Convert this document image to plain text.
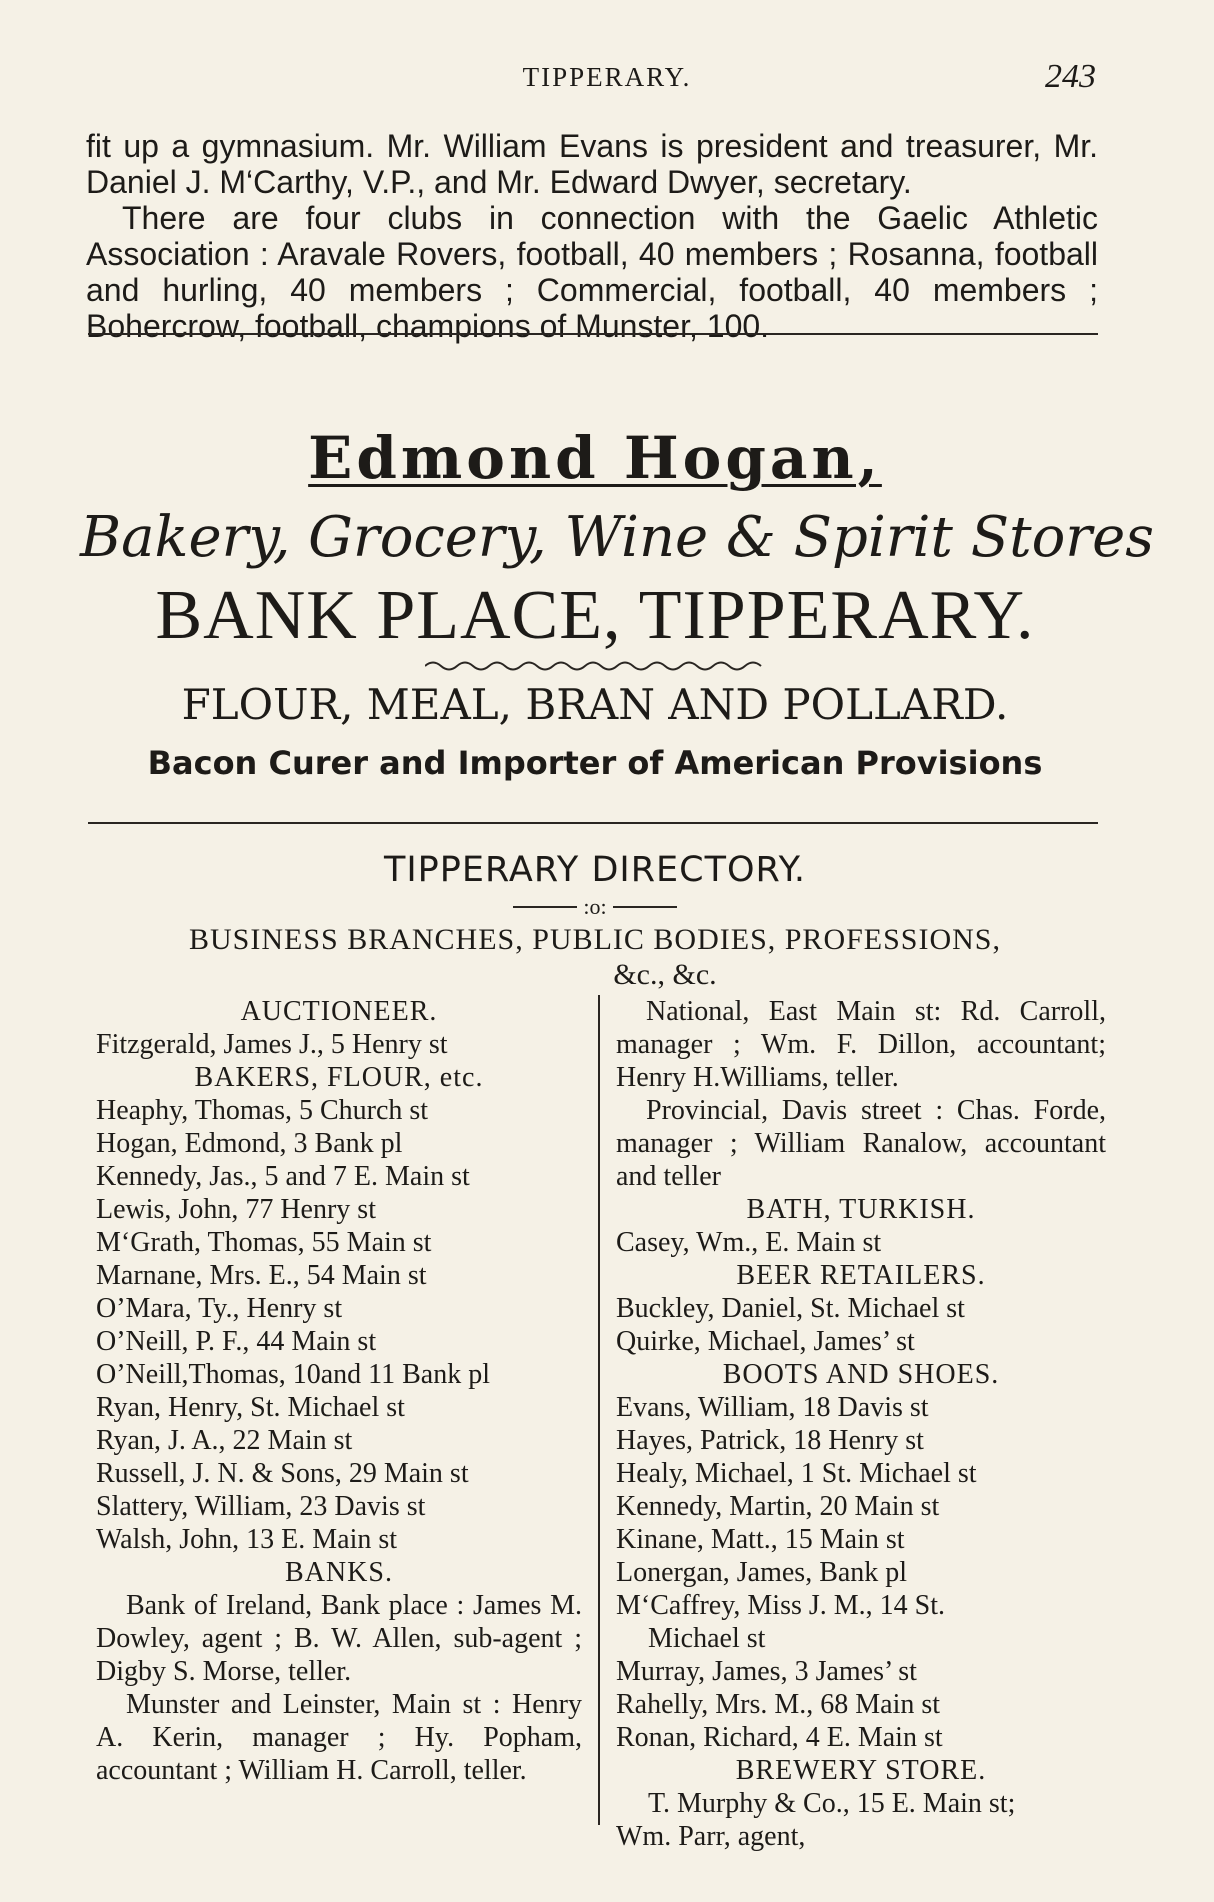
TIPPERARY.	243

fit up a gymnasium. Mr. William Evans is president and treasurer, Mr. Daniel J. M‘Carthy, V.P., and Mr. Edward Dwyer, secretary.

There are four clubs in connection with the Gaelic Athletic Association : Aravale Rovers, football, 40 members ; Rosanna, football and hurling, 40 members ; Commercial, football, 40 members ; Bohercrow, football, champions of Munster, 100.

Edmond Hogan,
Bakery, Grocery, Wine & Spirit Stores
BANK PLACE, TIPPERARY.
FLOUR, MEAL, BRAN AND POLLARD.
Bacon Curer and Importer of American Provisions
TIPPERARY DIRECTORY.
:o:
BUSINESS BRANCHES, PUBLIC BODIES, PROFESSIONS,
&c., &c.
AUCTIONEER.
Fitzgerald, James J., 5 Henry st
BAKERS, FLOUR, etc.
Heaphy, Thomas, 5 Church st
Hogan, Edmond, 3 Bank pl
Kennedy, Jas., 5 and 7 E. Main st
Lewis, John, 77 Henry st
M‘Grath, Thomas, 55 Main st
Marnane, Mrs. E., 54 Main st
O’Mara, Ty., Henry st
O’Neill, P. F., 44 Main st
O’Neill,Thomas, 10and 11 Bank pl
Ryan, Henry, St. Michael st
Ryan, J. A., 22 Main st
Russell, J. N. & Sons, 29 Main st
Slattery, William, 23 Davis st
Walsh, John, 13 E. Main st
BANKS.
Bank of Ireland, Bank place : James M. Dowley, agent ; B. W. Allen, sub-agent ; Digby S. Morse, teller.
Munster and Leinster, Main st : Henry A. Kerin, manager ; Hy. Popham, accountant ; William H. Carroll, teller.
National, East Main st: Rd. Carroll, manager ; Wm. F. Dillon, accountant; Henry H.Williams, teller.
Provincial, Davis street : Chas. Forde, manager ; William Ranalow, accountant and teller
BATH, TURKISH.
Casey, Wm., E. Main st
BEER RETAILERS.
Buckley, Daniel, St. Michael st
Quirke, Michael, James’ st
BOOTS AND SHOES.
Evans, William, 18 Davis st
Hayes, Patrick, 18 Henry st
Healy, Michael, 1 St. Michael st
Kennedy, Martin, 20 Main st
Kinane, Matt., 15 Main st
Lonergan, James, Bank pl
M‘Caffrey, Miss J. M., 14 St.
Michael st
Murray, James, 3 James’ st
Rahelly, Mrs. M., 68 Main st
Ronan, Richard, 4 E. Main st
BREWERY STORE.
T. Murphy & Co., 15 E. Main st;
Wm. Parr, agent,
